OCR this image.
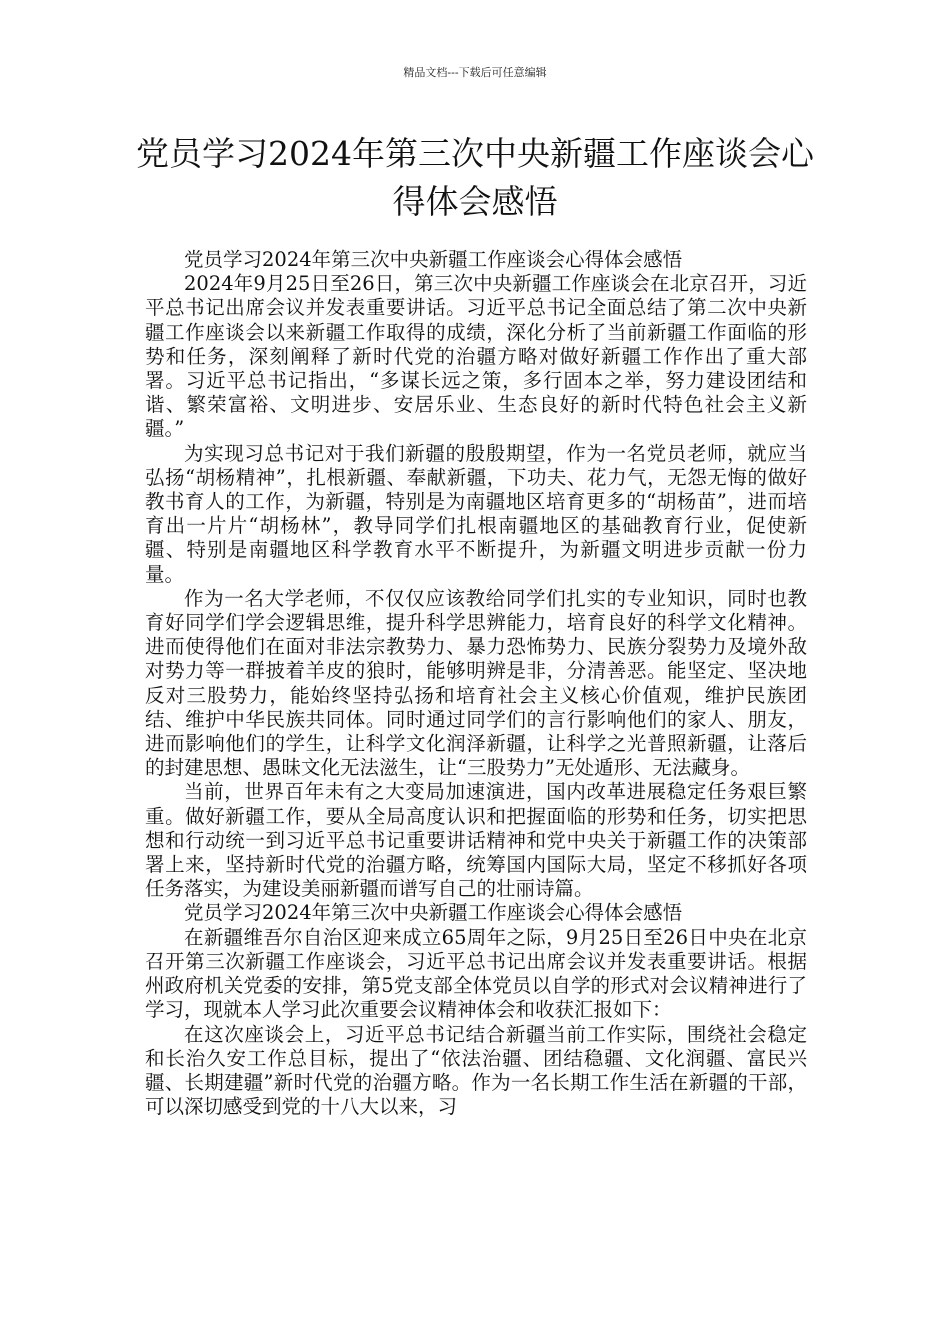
精品文档---下载后可任意编辑
党员学习2024年第三次中央新疆工作座谈会心得体会感悟

党员学习2024年第三次中央新疆工作座谈会心得体会感悟

2024年9月25日至26日，第三次中央新疆工作座谈会在北京召开，习近平总书记出席会议并发表重要讲话。习近平总书记全面总结了第二次中央新疆工作座谈会以来新疆工作取得的成绩，深化分析了当前新疆工作面临的形势和任务，深刻阐释了新时代党的治疆方略对做好新疆工作作出了重大部署。习近平总书记指出，“多谋长远之策，多行固本之举，努力建设团结和谐、繁荣富裕、文明进步、安居乐业、生态良好的新时代特色社会主义新疆。”

为实现习总书记对于我们新疆的殷殷期望，作为一名党员老师，就应当弘扬“胡杨精神”，扎根新疆、奉献新疆，下功夫、花力气，无怨无悔的做好教书育人的工作，为新疆，特别是为南疆地区培育更多的“胡杨苗”，进而培育出一片片“胡杨林”，教导同学们扎根南疆地区的基础教育行业，促使新疆、特别是南疆地区科学教育水平不断提升，为新疆文明进步贡献一份力量。

作为一名大学老师，不仅仅应该教给同学们扎实的专业知识，同时也教育好同学们学会逻辑思维，提升科学思辨能力，培育良好的科学文化精神。进而使得他们在面对非法宗教势力、暴力恐怖势力、民族分裂势力及境外敌对势力等一群披着羊皮的狼时，能够明辨是非，分清善恶。能坚定、坚决地反对三股势力，能始终坚持弘扬和培育社会主义核心价值观，维护民族团结、维护中华民族共同体。同时通过同学们的言行影响他们的家人、朋友，进而影响他们的学生，让科学文化润泽新疆，让科学之光普照新疆，让落后的封建思想、愚昧文化无法滋生，让“三股势力”无处遁形、无法藏身。

当前，世界百年未有之大变局加速演进，国内改革进展稳定任务艰巨繁重。做好新疆工作，要从全局高度认识和把握面临的形势和任务，切实把思想和行动统一到习近平总书记重要讲话精神和党中央关于新疆工作的决策部署上来，坚持新时代党的治疆方略，统筹国内国际大局，坚定不移抓好各项任务落实，为建设美丽新疆而谱写自己的壮丽诗篇。

党员学习2024年第三次中央新疆工作座谈会心得体会感悟

在新疆维吾尔自治区迎来成立65周年之际，9月25日至26日中央在北京召开第三次新疆工作座谈会，习近平总书记出席会议并发表重要讲话。根据州政府机关党委的安排，第5党支部全体党员以自学的形式对会议精神进行了学习，现就本人学习此次重要会议精神体会和收获汇报如下：

在这次座谈会上，习近平总书记结合新疆当前工作实际，围绕社会稳定和长治久安工作总目标，提出了“依法治疆、团结稳疆、文化润疆、富民兴疆、长期建疆”新时代党的治疆方略。作为一名长期工作生活在新疆的干部，可以深切感受到党的十八大以来，习
